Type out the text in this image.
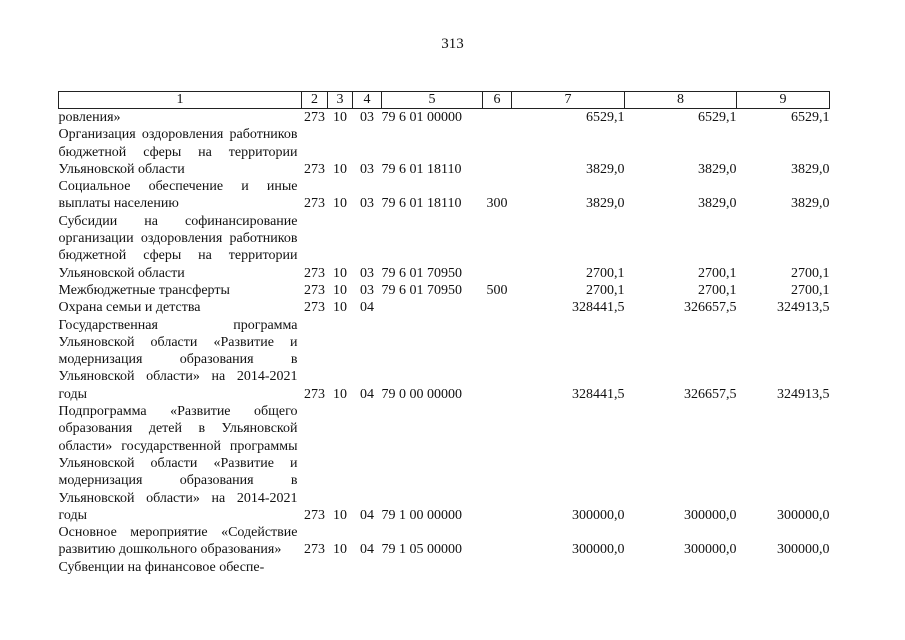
313
1	2	3	4	5	6	7	8	9
ровления»	273	10	03	79 6 01 00000		6529,1	6529,1	6529,1
Организация оздоровления работников бюджетной сферы на территории Ульяновской области	273	10	03	79 6 01 18110		3829,0	3829,0	3829,0
Социальное обеспечение и иные выплаты населению	273	10	03	79 6 01 18110	300	3829,0	3829,0	3829,0
Субсидии на софинансирование организации оздоровления работников бюджетной сферы на территории Ульяновской области	273	10	03	79 6 01 70950		2700,1	2700,1	2700,1
Межбюджетные трансферты	273	10	03	79 6 01 70950	500	2700,1	2700,1	2700,1
Охрана семьи и детства	273	10	04			328441,5	326657,5	324913,5
Государственная программа Ульяновской области «Развитие и модернизация образования в Ульяновской области» на 2014-2021 годы	273	10	04	79 0 00 00000		328441,5	326657,5	324913,5
Подпрограмма «Развитие общего образования детей в Ульяновской области» государственной программы Ульяновской области «Развитие и модернизация образования в Ульяновской области» на 2014-2021 годы	273	10	04	79 1 00 00000		300000,0	300000,0	300000,0
Основное мероприятие «Содействие развитию дошкольного образования»	273	10	04	79 1 05 00000		300000,0	300000,0	300000,0
Субвенции на финансовое обеспе-								
